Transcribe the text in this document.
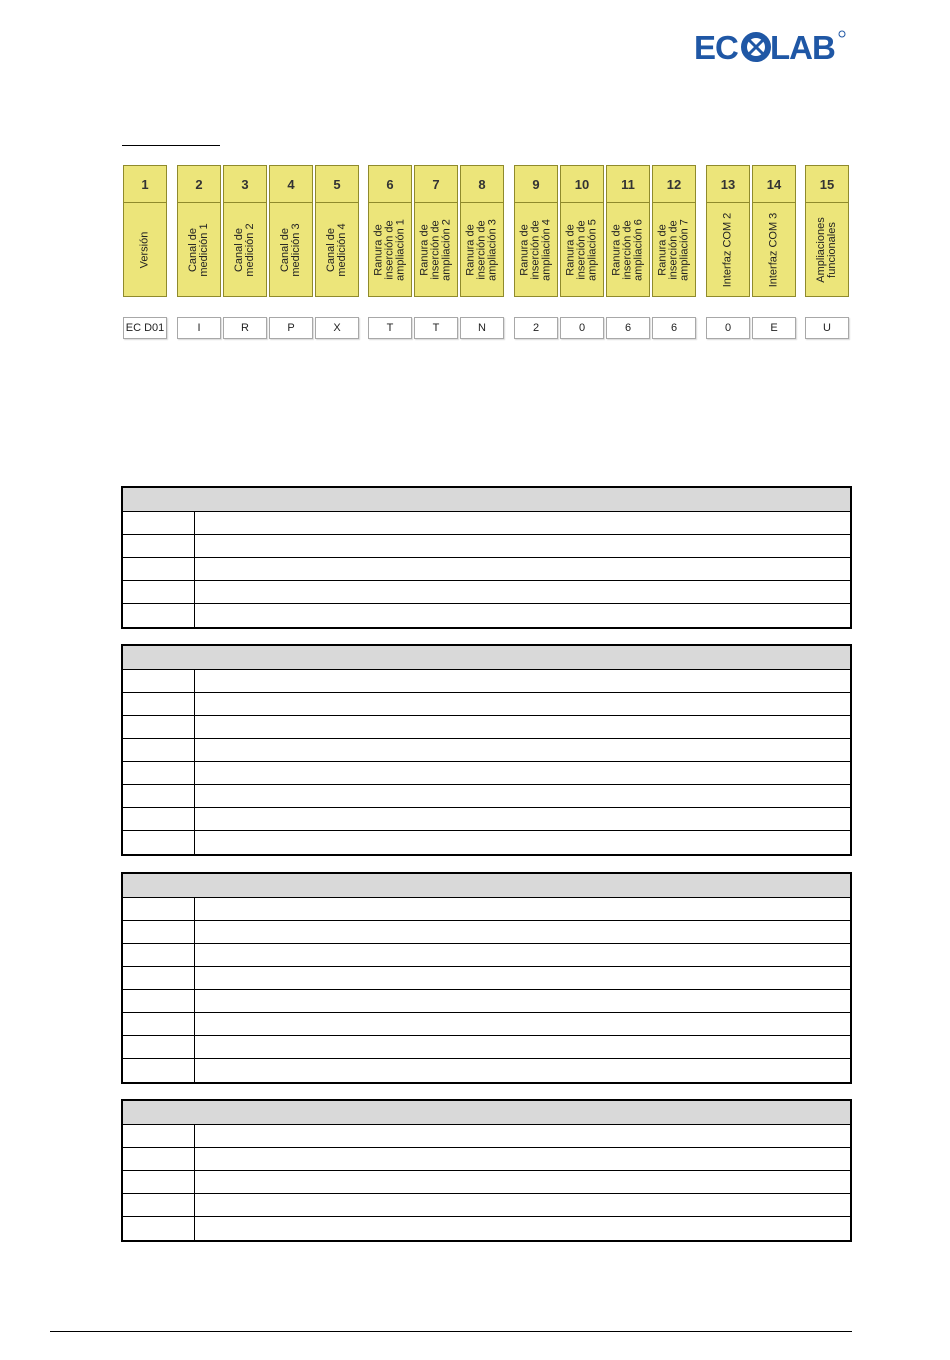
EC LAB
1
Versión
EC D01
2
Canal de
medición 1
I
3
Canal de
medición 2
R
4
Canal de
medición 3
P
5
Canal de
medición 4
X
6
Ranura de
inserción de
ampliación 1
T
7
Ranura de
inserción de
ampliación 2
T
8
Ranura de
inserción de
ampliación 3
N
9
Ranura de
inserción de
ampliación 4
2
10
Ranura de
inserción de
ampliación 5
0
11
Ranura de
inserción de
ampliación 6
6
12
Ranura de
inserción de
ampliación 7
6
13
Interfaz COM 2
0
14
Interfaz COM 3
E
15
Ampliaciones
funcionales
U
